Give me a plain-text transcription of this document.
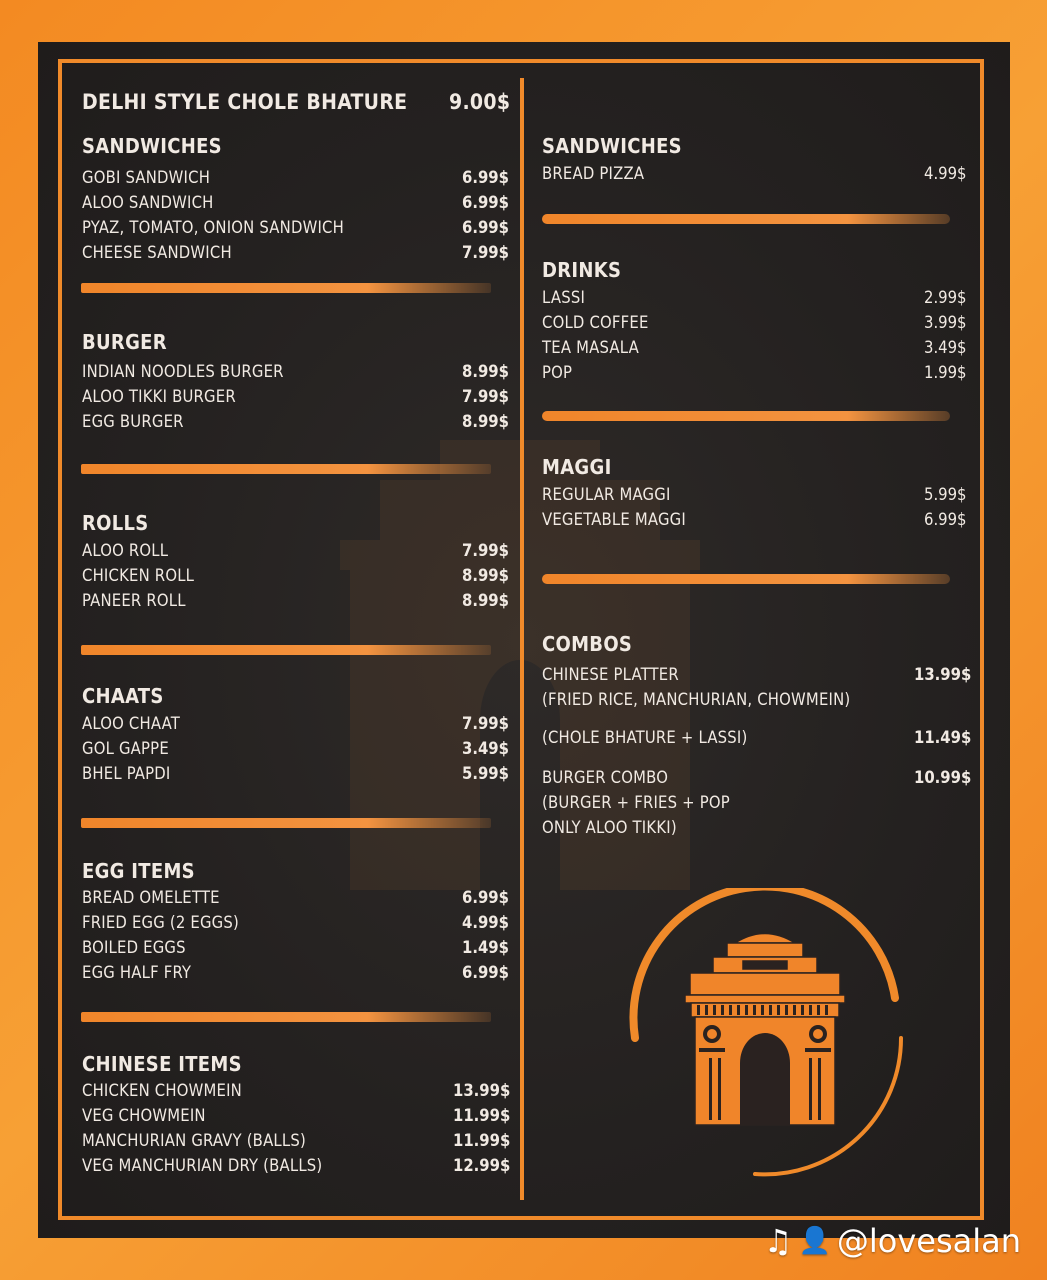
DELHI STYLE CHOLE BHATURE 9.00$
SANDWICHES
GOBI SANDWICH	6.99$
ALOO SANDWICH	6.99$
PYAZ, TOMATO, ONION SANDWICH	6.99$
CHEESE SANDWICH	7.99$
BURGER
INDIAN NOODLES BURGER	8.99$
ALOO TIKKI BURGER	7.99$
EGG BURGER	8.99$
ROLLS
ALOO ROLL	7.99$
CHICKEN ROLL	8.99$
PANEER ROLL	8.99$
CHAATS
ALOO CHAAT	7.99$
GOL GAPPE	3.49$
BHEL PAPDI	5.99$
EGG ITEMS
BREAD OMELETTE	6.99$
FRIED EGG (2 EGGS)	4.99$
BOILED EGGS	1.49$
EGG HALF FRY	6.99$
CHINESE ITEMS
CHICKEN CHOWMEIN	13.99$
VEG CHOWMEIN	11.99$
MANCHURIAN GRAVY (BALLS)	11.99$
VEG MANCHURIAN DRY (BALLS)	12.99$
SANDWICHES
BREAD PIZZA	4.99$
DRINKS
LASSI	2.99$
COLD COFFEE	3.99$
TEA MASALA	3.49$
POP	1.99$
MAGGI
REGULAR MAGGI	5.99$
VEGETABLE MAGGI	6.99$
COMBOS
CHINESE PLATTER
(FRIED RICE, MANCHURIAN, CHOWMEIN)
13.99$
(CHOLE BHATURE + LASSI)	11.49$
BURGER COMBO
(BURGER + FRIES + POP
ONLY ALOO TIKKI)
10.99$
♫ 👤 @lovesalan
